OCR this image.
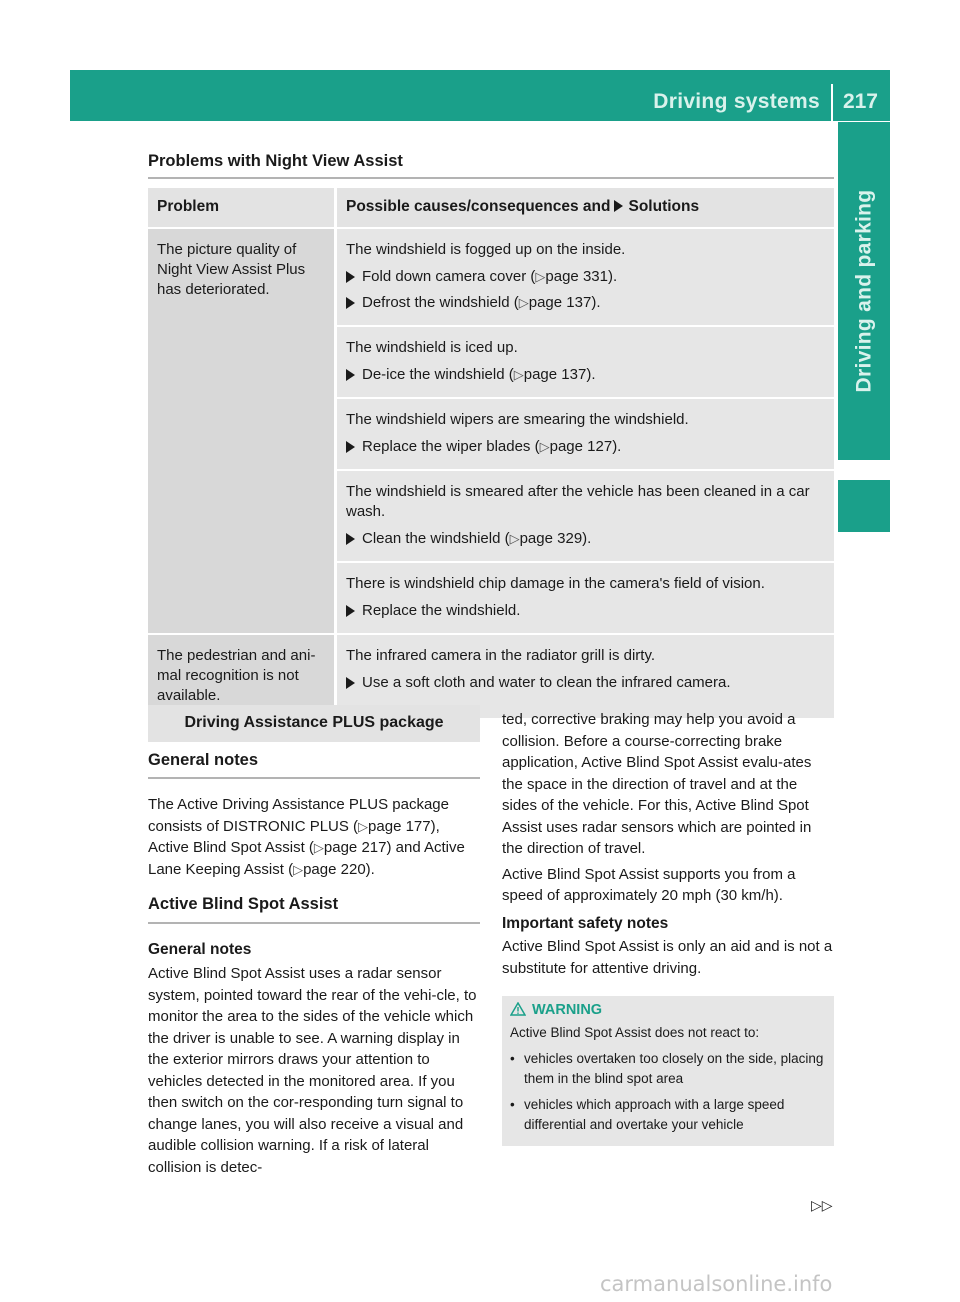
Driving systems 217
Driving and parking
Problems with Night View Assist
Problem	Possible causes/consequences and Solutions
The picture quality of Night View Assist Plus has deteriorated.	The windshield is fogged up on the inside.
Fold down camera cover (▷page 331).
Defrost the windshield (▷page 137).

	The windshield is iced up.
De-ice the windshield (▷page 137).

	The windshield wipers are smearing the windshield.
Replace the wiper blades (▷page 127).

	The windshield is smeared after the vehicle has been cleaned in a car wash.
Clean the windshield (▷page 329).

	There is windshield chip damage in the camera's field of vision.
Replace the windshield.

The pedestrian and ani-mal recognition is not available.	The infrared camera in the radiator grill is dirty.
Use a soft cloth and water to clean the infrared camera.
Driving Assistance PLUS package

General notes

The Active Driving Assistance PLUS package consists of DISTRONIC PLUS (▷page 177), Active Blind Spot Assist (▷page 217) and Active Lane Keeping Assist (▷page 220).

Active Blind Spot Assist

General notes

Active Blind Spot Assist uses a radar sensor system, pointed toward the rear of the vehi-cle, to monitor the area to the sides of the vehicle which the driver is unable to see. A warning display in the exterior mirrors draws your attention to vehicles detected in the monitored area. If you then switch on the cor-responding turn signal to change lanes, you will also receive a visual and audible collision warning. If a risk of lateral collision is detec-

ted, corrective braking may help you avoid a collision. Before a course-correcting brake application, Active Blind Spot Assist evalu-ates the space in the direction of travel and at the sides of the vehicle. For this, Active Blind Spot Assist uses radar sensors which are pointed in the direction of travel.

Active Blind Spot Assist supports you from a speed of approximately 20 mph (30 km/h).

Important safety notes

Active Blind Spot Assist is only an aid and is not a substitute for attentive driving.

WARNING
Active Blind Spot Assist does not react to:
• vehicles overtaken too closely on the side, placing them in the blind spot area
• vehicles which approach with a large speed differential and overtake your vehicle
▷▷
carmanualsonline.info
